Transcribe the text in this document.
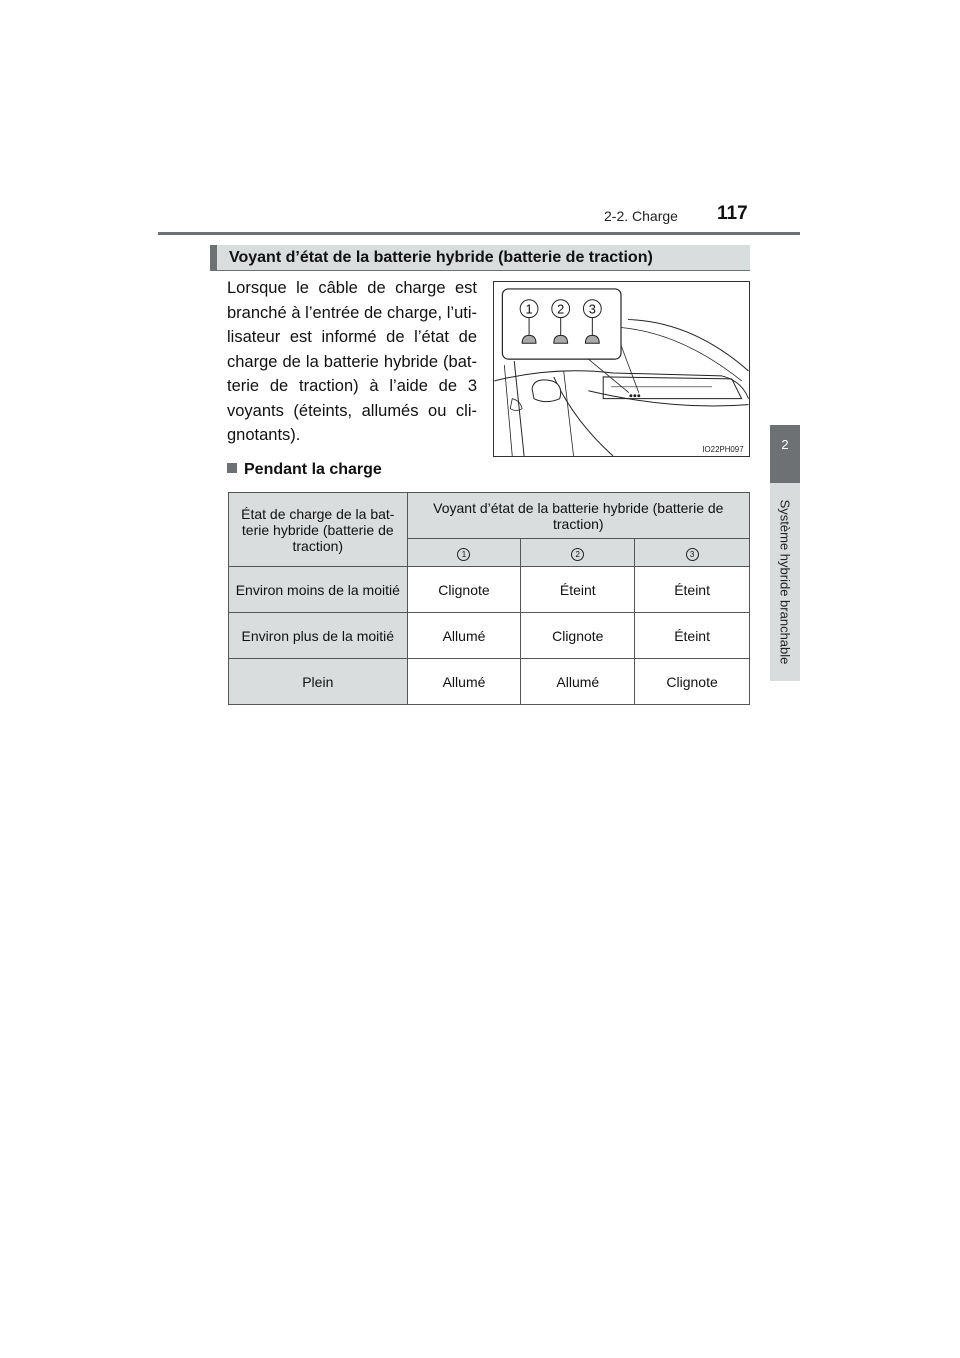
2-2. Charge 117
2
Système hybride branchable
Voyant d’état de la batterie hybride (batterie de traction)
Lorsque le câble de charge est branché à l’entrée de charge, l’uti-lisateur est informé de l’état de charge de la batterie hybride (bat-terie de traction) à l’aide de 3 voyants (éteints, allumés ou cli-gnotants).
1 2 3
IO22PH097
Pendant la charge
État de charge de la bat-terie hybride (batterie de traction)	Voyant d’état de la batterie hybride (batterie de traction)		
	1	2	3
Environ moins de la moitié	Clignote	Éteint	Éteint
Environ plus de la moitié	Allumé	Clignote	Éteint
Plein	Allumé	Allumé	Clignote
